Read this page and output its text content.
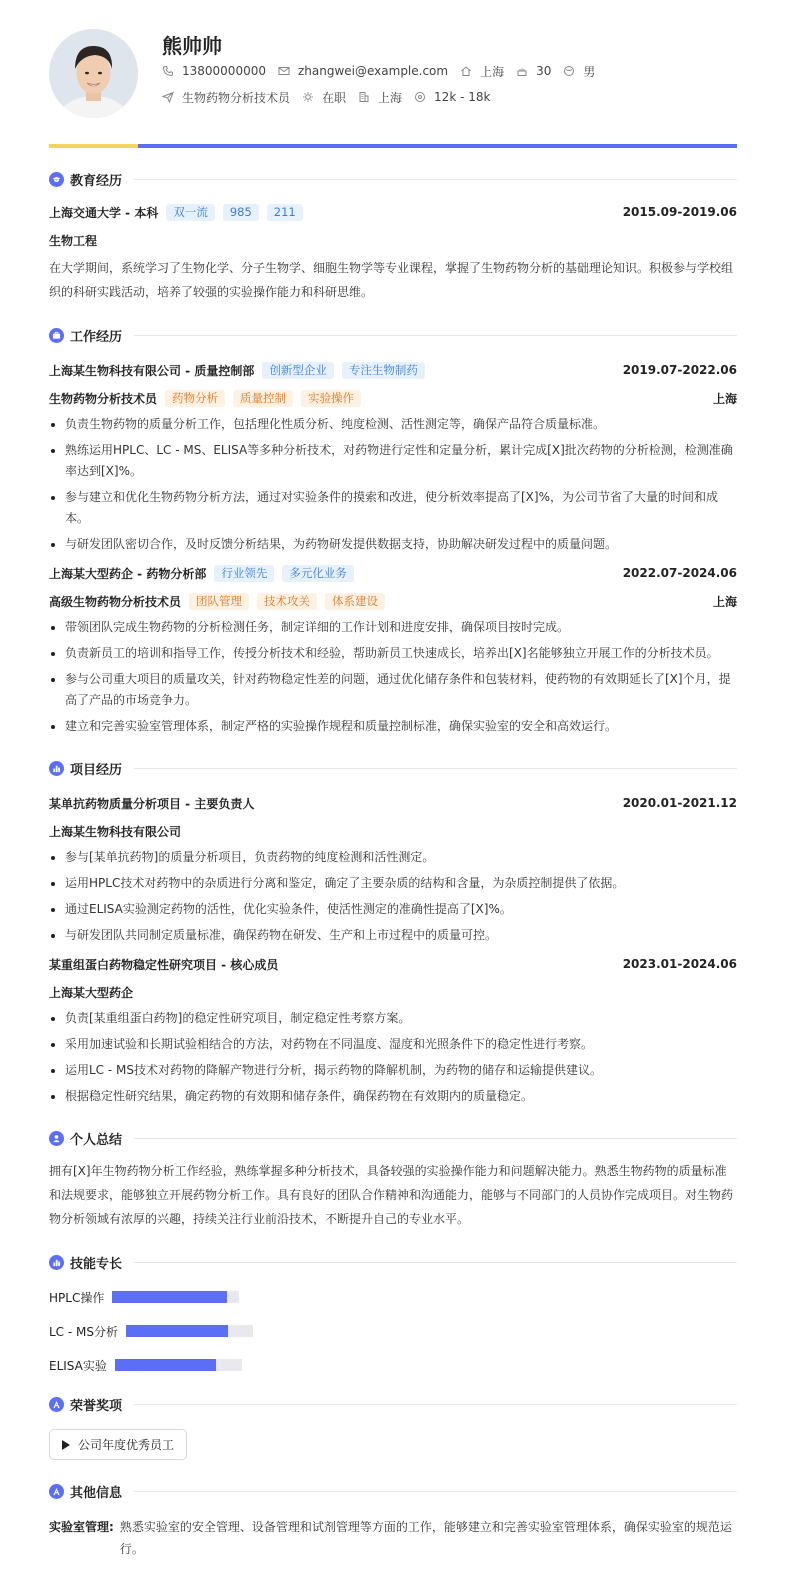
熊帅帅
13800000000	zhangwei@example.com	上海	30	男
生物药物分析技术员	在职	上海	12k - 18k
教育经历
上海交通大学 - 本科	双一流	985	211	2015.09-2019.06
生物工程
在大学期间，系统学习了生物化学、分子生物学、细胞生物学等专业课程，掌握了生物药物分析的基础理论知识。积极参与学校组织的科研实践活动，培养了较强的实验操作能力和科研思维。
工作经历
上海某生物科技有限公司 - 质量控制部	创新型企业	专注生物制药	2019.07-2022.06
生物药物分析技术员	药物分析	质量控制	实验操作	上海
负责生物药物的质量分析工作，包括理化性质分析、纯度检测、活性测定等，确保产品符合质量标准。
熟练运用HPLC、LC - MS、ELISA等多种分析技术，对药物进行定性和定量分析，累计完成[X]批次药物的分析检测，检测准确率达到[X]%。
参与建立和优化生物药物分析方法，通过对实验条件的摸索和改进，使分析效率提高了[X]%，为公司节省了大量的时间和成本。
与研发团队密切合作，及时反馈分析结果，为药物研发提供数据支持，协助解决研发过程中的质量问题。
上海某大型药企 - 药物分析部	行业领先	多元化业务	2022.07-2024.06
高级生物药物分析技术员	团队管理	技术攻关	体系建设	上海
带领团队完成生物药物的分析检测任务，制定详细的工作计划和进度安排，确保项目按时完成。
负责新员工的培训和指导工作，传授分析技术和经验，帮助新员工快速成长，培养出[X]名能够独立开展工作的分析技术员。
参与公司重大项目的质量攻关，针对药物稳定性差的问题，通过优化储存条件和包装材料，使药物的有效期延长了[X]个月，提高了产品的市场竞争力。
建立和完善实验室管理体系，制定严格的实验操作规程和质量控制标准，确保实验室的安全和高效运行。
项目经历
某单抗药物质量分析项目 - 主要负责人	2020.01-2021.12
上海某生物科技有限公司
参与[某单抗药物]的质量分析项目，负责药物的纯度检测和活性测定。
运用HPLC技术对药物中的杂质进行分离和鉴定，确定了主要杂质的结构和含量，为杂质控制提供了依据。
通过ELISA实验测定药物的活性，优化实验条件，使活性测定的准确性提高了[X]%。
与研发团队共同制定质量标准，确保药物在研发、生产和上市过程中的质量可控。
某重组蛋白药物稳定性研究项目 - 核心成员	2023.01-2024.06
上海某大型药企
负责[某重组蛋白药物]的稳定性研究项目，制定稳定性考察方案。
采用加速试验和长期试验相结合的方法，对药物在不同温度、湿度和光照条件下的稳定性进行考察。
运用LC - MS技术对药物的降解产物进行分析，揭示药物的降解机制，为药物的储存和运输提供建议。
根据稳定性研究结果，确定药物的有效期和储存条件，确保药物在有效期内的质量稳定。
个人总结
拥有[X]年生物药物分析工作经验，熟练掌握多种分析技术，具备较强的实验操作能力和问题解决能力。熟悉生物药物的质量标准和法规要求，能够独立开展药物分析工作。具有良好的团队合作精神和沟通能力，能够与不同部门的人员协作完成项目。对生物药物分析领域有浓厚的兴趣，持续关注行业前沿技术，不断提升自己的专业水平。
技能专长
HPLC操作
LC - MS分析
ELISA实验
荣誉奖项
公司年度优秀员工
其他信息
实验室管理: 熟悉实验室的安全管理、设备管理和试剂管理等方面的工作，能够建立和完善实验室管理体系，确保实验室的规范运行。
